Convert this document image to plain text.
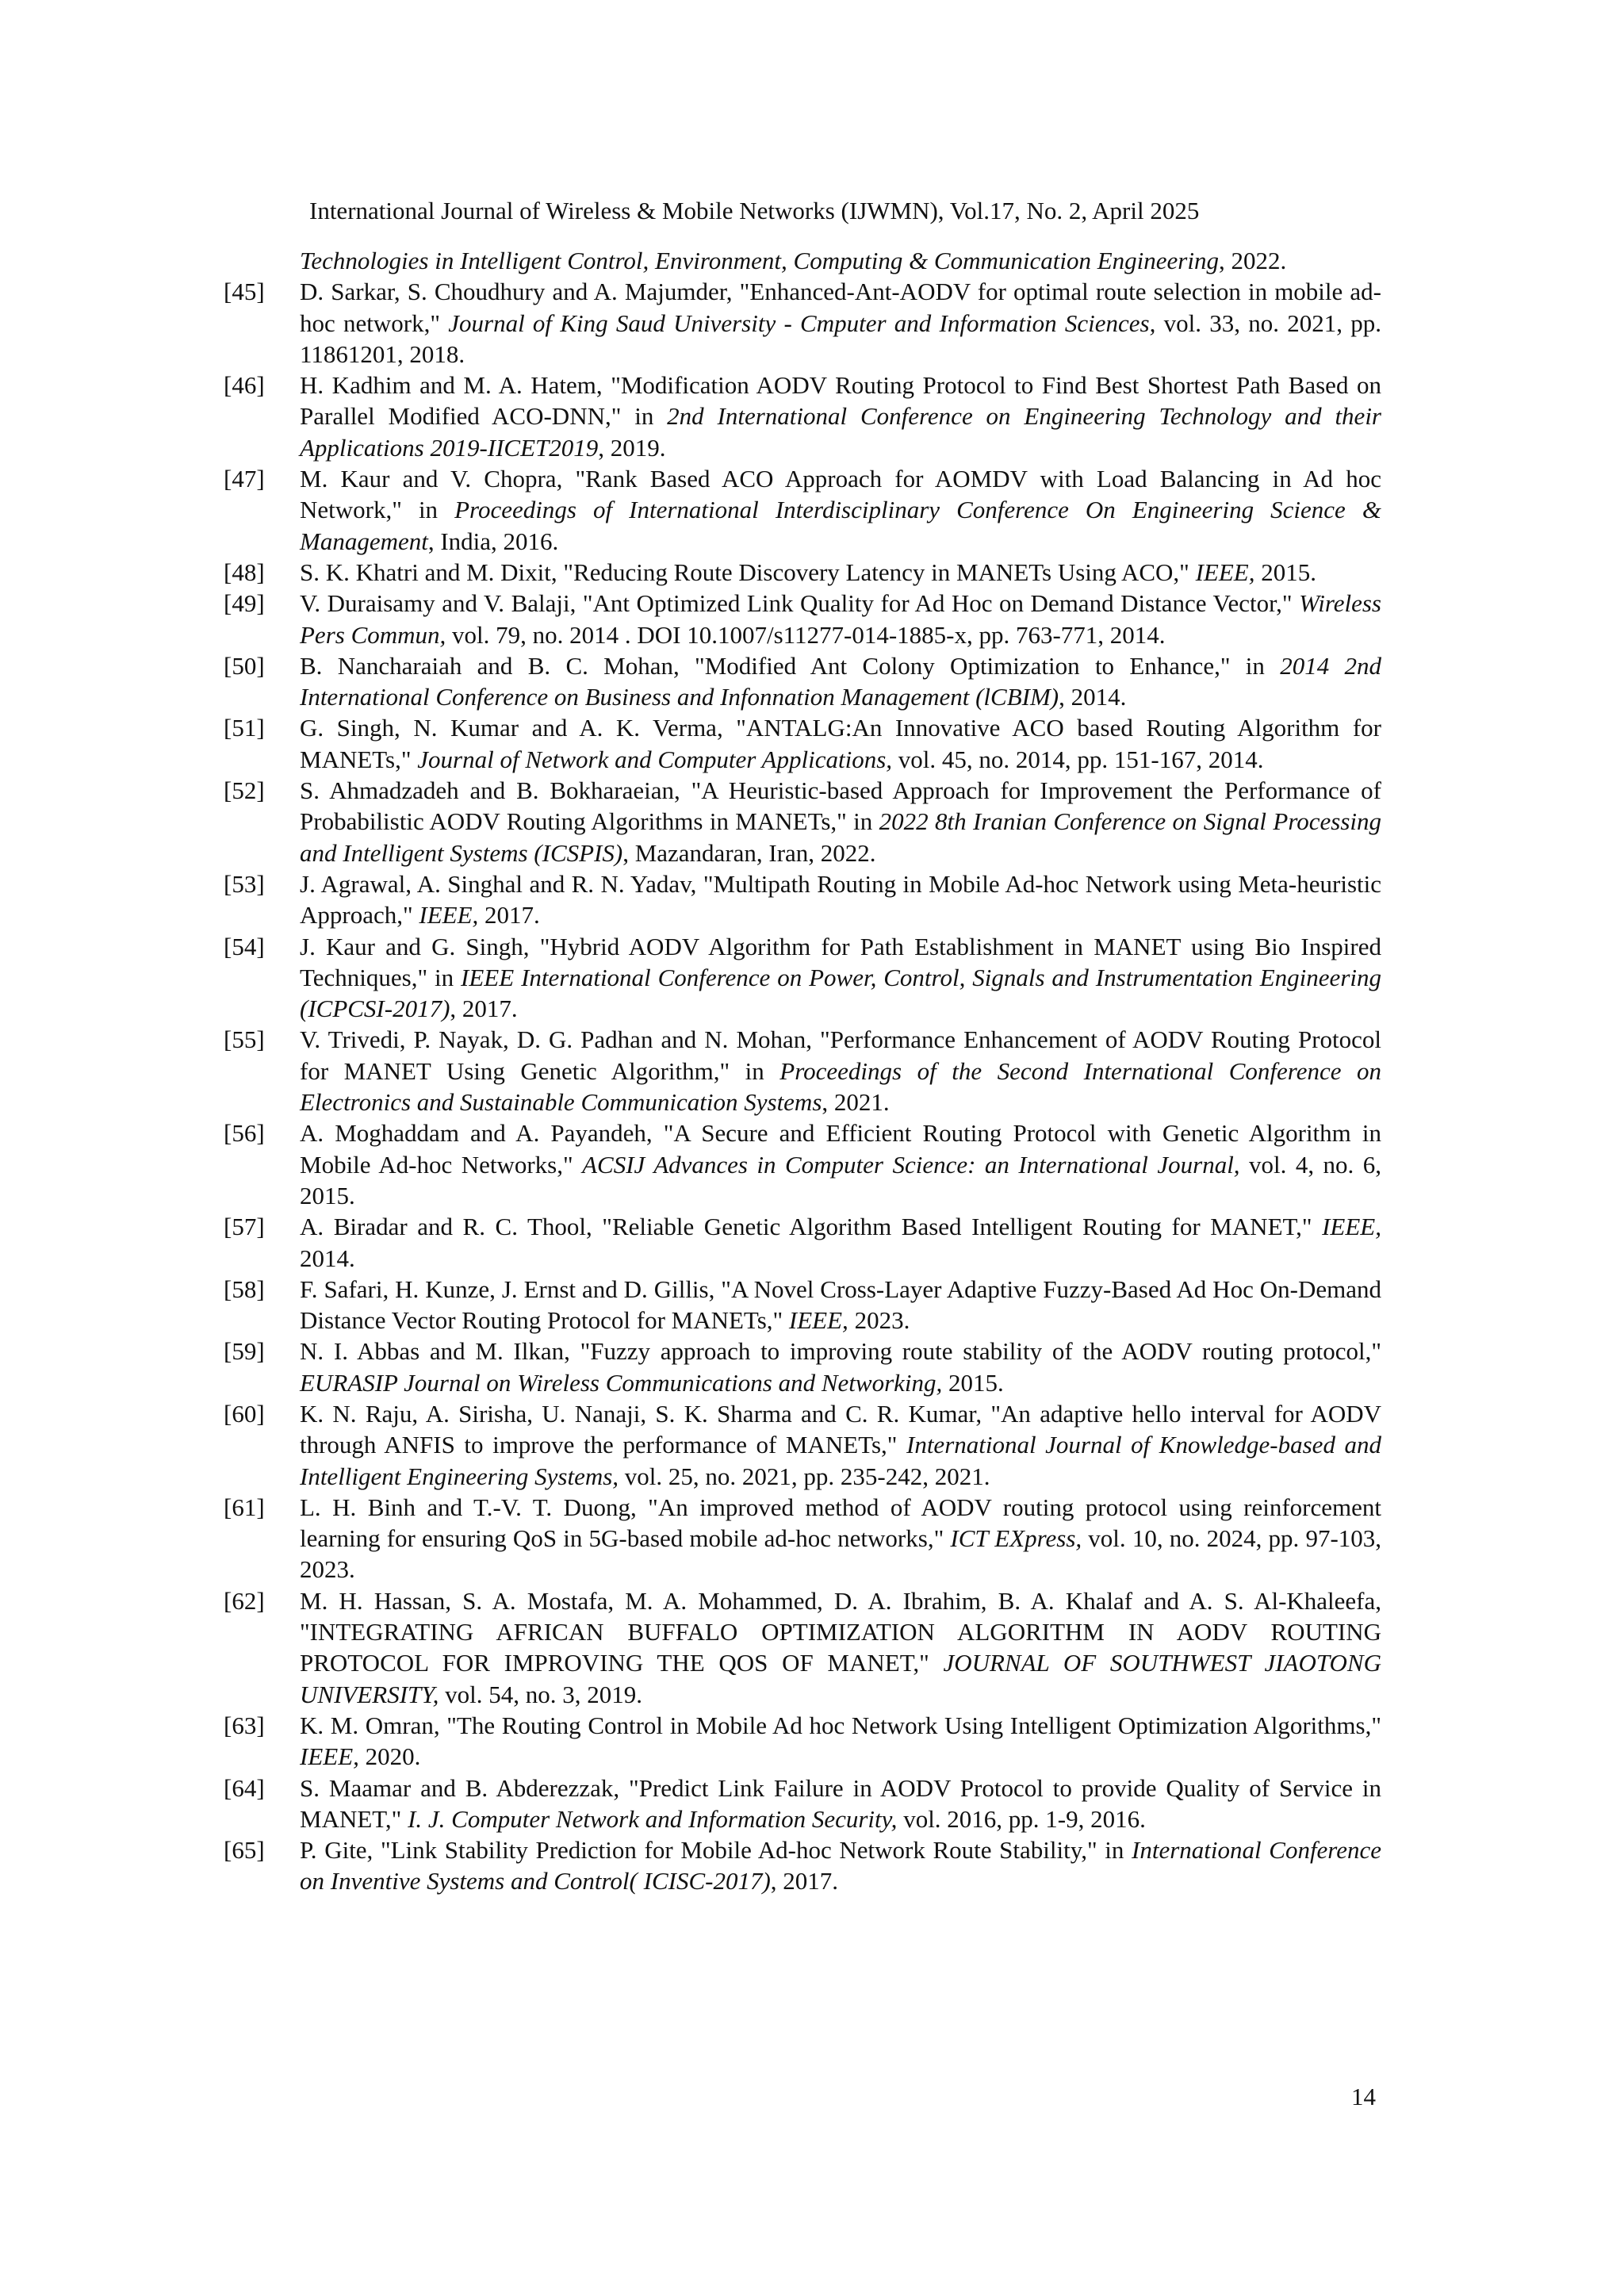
International Journal of Wireless & Mobile Networks (IJWMN), Vol.17, No. 2, April 2025
Technologies in Intelligent Control, Environment, Computing & Communication Engineering, 2022.
[45]	D. Sarkar, S. Choudhury and A. Majumder, "Enhanced-Ant-AODV for optimal route selection in mobile ad-hoc network," Journal of King Saud University - Cmputer and Information Sciences, vol. 33, no. 2021, pp. 11861201, 2018.
[46]	H. Kadhim and M. A. Hatem, "Modification AODV Routing Protocol to Find Best Shortest Path Based on Parallel Modified ACO-DNN," in 2nd International Conference on Engineering Technology and their Applications 2019-IICET2019, 2019.
[47]	M. Kaur and V. Chopra, "Rank Based ACO Approach for AOMDV with Load Balancing in Ad hoc Network," in Proceedings of International Interdisciplinary Conference On Engineering Science & Management, India, 2016.
[48]	S. K. Khatri and M. Dixit, "Reducing Route Discovery Latency in MANETs Using ACO," IEEE, 2015.
[49]	V. Duraisamy and V. Balaji, "Ant Optimized Link Quality for Ad Hoc on Demand Distance Vector," Wireless Pers Commun, vol. 79, no. 2014 . DOI 10.1007/s11277-014-1885-x, pp. 763-771, 2014.
[50]	B. Nancharaiah and B. C. Mohan, "Modified Ant Colony Optimization to Enhance," in 2014 2nd International Conference on Business and Infonnation Management (lCBIM), 2014.
[51]	G. Singh, N. Kumar and A. K. Verma, "ANTALG:An Innovative ACO based Routing Algorithm for MANETs," Journal of Network and Computer Applications, vol. 45, no. 2014, pp. 151-167, 2014.
[52]	S. Ahmadzadeh and B. Bokharaeian, "A Heuristic-based Approach for Improvement the Performance of Probabilistic AODV Routing Algorithms in MANETs," in 2022 8th Iranian Conference on Signal Processing and Intelligent Systems (ICSPIS), Mazandaran, Iran, 2022.
[53]	J. Agrawal, A. Singhal and R. N. Yadav, "Multipath Routing in Mobile Ad-hoc Network using Meta-heuristic Approach," IEEE, 2017.
[54]	J. Kaur and G. Singh, "Hybrid AODV Algorithm for Path Establishment in MANET using Bio Inspired Techniques," in IEEE International Conference on Power, Control, Signals and Instrumentation Engineering (ICPCSI-2017), 2017.
[55]	V. Trivedi, P. Nayak, D. G. Padhan and N. Mohan, "Performance Enhancement of AODV Routing Protocol for MANET Using Genetic Algorithm," in Proceedings of the Second International Conference on Electronics and Sustainable Communication Systems, 2021.
[56]	A. Moghaddam and A. Payandeh, "A Secure and Efficient Routing Protocol with Genetic Algorithm in Mobile Ad-hoc Networks," ACSIJ Advances in Computer Science: an International Journal, vol. 4, no. 6, 2015.
[57]	A. Biradar and R. C. Thool, "Reliable Genetic Algorithm Based Intelligent Routing for MANET," IEEE, 2014.
[58]	F. Safari, H. Kunze, J. Ernst and D. Gillis, "A Novel Cross-Layer Adaptive Fuzzy-Based Ad Hoc On-Demand Distance Vector Routing Protocol for MANETs," IEEE, 2023.
[59]	N. I. Abbas and M. Ilkan, "Fuzzy approach to improving route stability of the AODV routing protocol," EURASIP Journal on Wireless Communications and Networking, 2015.
[60]	K. N. Raju, A. Sirisha, U. Nanaji, S. K. Sharma and C. R. Kumar, "An adaptive hello interval for AODV through ANFIS to improve the performance of MANETs," International Journal of Knowledge-based and Intelligent Engineering Systems, vol. 25, no. 2021, pp. 235-242, 2021.
[61]	L. H. Binh and T.-V. T. Duong, "An improved method of AODV routing protocol using reinforcement learning for ensuring QoS in 5G-based mobile ad-hoc networks," ICT EXpress, vol. 10, no. 2024, pp. 97-103, 2023.
[62]	M. H. Hassan, S. A. Mostafa, M. A. Mohammed, D. A. Ibrahim, B. A. Khalaf and A. S. Al-Khaleefa, "INTEGRATING AFRICAN BUFFALO OPTIMIZATION ALGORITHM IN AODV ROUTING PROTOCOL FOR IMPROVING THE QOS OF MANET," JOURNAL OF SOUTHWEST JIAOTONG UNIVERSITY, vol. 54, no. 3, 2019.
[63]	K. M. Omran, "The Routing Control in Mobile Ad hoc Network Using Intelligent Optimization Algorithms," IEEE, 2020.
[64]	S. Maamar and B. Abderezzak, "Predict Link Failure in AODV Protocol to provide Quality of Service in MANET," I. J. Computer Network and Information Security, vol. 2016, pp. 1-9, 2016.
[65]	P. Gite, "Link Stability Prediction for Mobile Ad-hoc Network Route Stability," in International Conference on Inventive Systems and Control( ICISC-2017), 2017.
14
